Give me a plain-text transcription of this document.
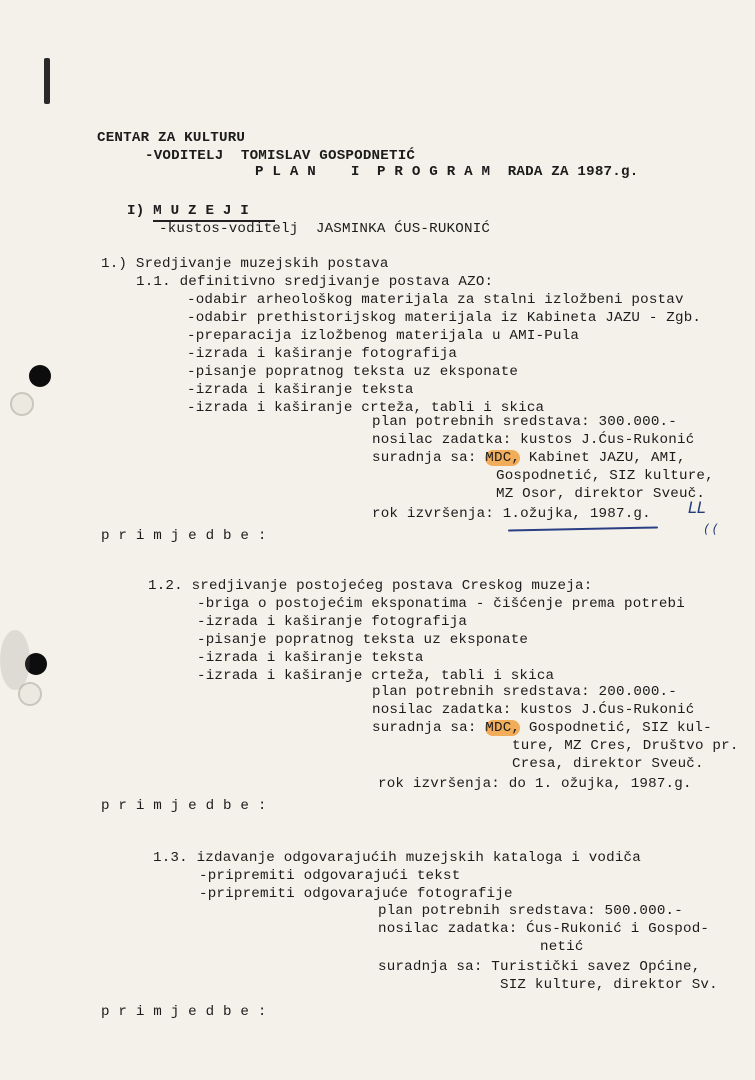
CENTAR ZA KULTURU
-VODITELJ  TOMISLAV GOSPODNETIĆ
P L A N    I  P R O G R A M  RADA ZA 1987.g.
I) M U Z E J I
-kustos-voditelj  JASMINKA ĆUS-RUKONIĆ
1.) Sredjivanje muzejskih postava
1.1. definitivno sredjivanje postava AZO:
-odabir arheološkog materijala za stalni izložbeni postav
-odabir prethistorijskog materijala iz Kabineta JAZU - Zgb.
-preparacija izložbenog materijala u AMI-Pula
-izrada i kaširanje fotografija
-pisanje popratnog teksta uz eksponate
-izrada i kaširanje teksta
-izrada i kaširanje crteža, tabli i skica
plan potrebnih sredstava: 300.000.-
nosilac zadatka: kustos J.Ćus-Rukonić
suradnja sa: MDC, Kabinet JAZU, AMI,
Gospodnetić, SIZ kulture,
MZ Osor, direktor Sveuč.
rok izvršenja: 1.ožujka, 1987.g. LL
( (
p r i m j e d b e :
1.2. sredjivanje postojećeg postava Creskog muzeja:
-briga o postojećim eksponatima - čišćenje prema potrebi
-izrada i kaširanje fotografija
-pisanje popratnog teksta uz eksponate
-izrada i kaširanje teksta
-izrada i kaširanje crteža, tabli i skica
plan potrebnih sredstava: 200.000.-
nosilac zadatka: kustos J.Ćus-Rukonić
suradnja sa: MDC, Gospodnetić, SIZ kul-
ture, MZ Cres, Društvo pr.
Cresa, direktor Sveuč.
rok izvršenja: do 1. ožujka, 1987.g.
p r i m j e d b e :
1.3. izdavanje odgovarajućih muzejskih kataloga i vodiča
-pripremiti odgovarajući tekst
-pripremiti odgovarajuće fotografije
plan potrebnih sredstava: 500.000.-
nosilac zadatka: Ćus-Rukonić i Gospod-
netić
suradnja sa: Turistički savez Općine,
SIZ kulture, direktor Sv.
p r i m j e d b e :
